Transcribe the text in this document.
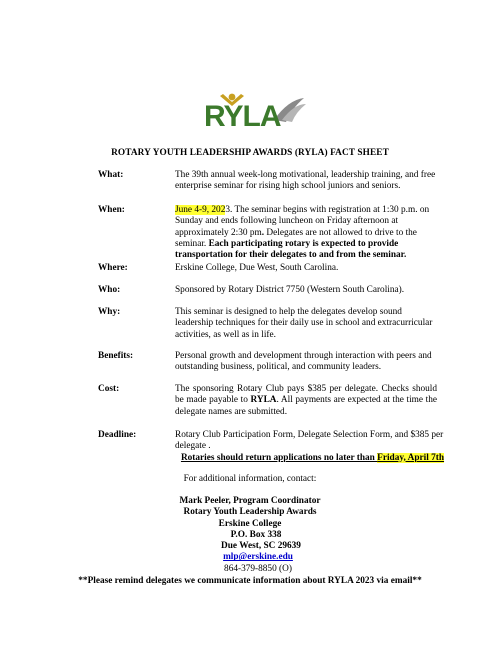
RYLA
ROTARY YOUTH LEADERSHIP AWARDS (RYLA) FACT SHEET
What:	The 39th annual week-long motivational, leadership training, and free enterprise seminar for rising high school juniors and seniors.
When:	June 4-9, 2023. The seminar begins with registration at 1:30 p.m. on Sunday and ends following luncheon on Friday afternoon at approximately 2:30 pm. Delegates are not allowed to drive to the seminar. Each participating rotary is expected to provide transportation for their delegates to and from the seminar.
Where:	Erskine College, Due West, South Carolina.
Who:	Sponsored by Rotary District 7750 (Western South Carolina).
Why:	This seminar is designed to help the delegates develop sound leadership techniques for their daily use in school and extracurricular activities, as well as in life.
Benefits:	Personal growth and development through interaction with peers and outstanding business, political, and community leaders.
Cost:	The sponsoring Rotary Club pays $385 per delegate. Checks should be made payable to RYLA. All payments are expected at the time the delegate names are submitted.
Deadline:	Rotary Club Participation Form, Delegate Selection Form, and $385 per delegate .
Rotaries should return applications no later than Friday, April 7th
For additional information, contact:
Mark Peeler, Program Coordinator
Rotary Youth Leadership Awards
Erskine College
P.O. Box 338
Due West, SC 29639
mlp@erskine.edu
864-379-8850 (O)
**Please remind delegates we communicate information about RYLA 2023 via email**
